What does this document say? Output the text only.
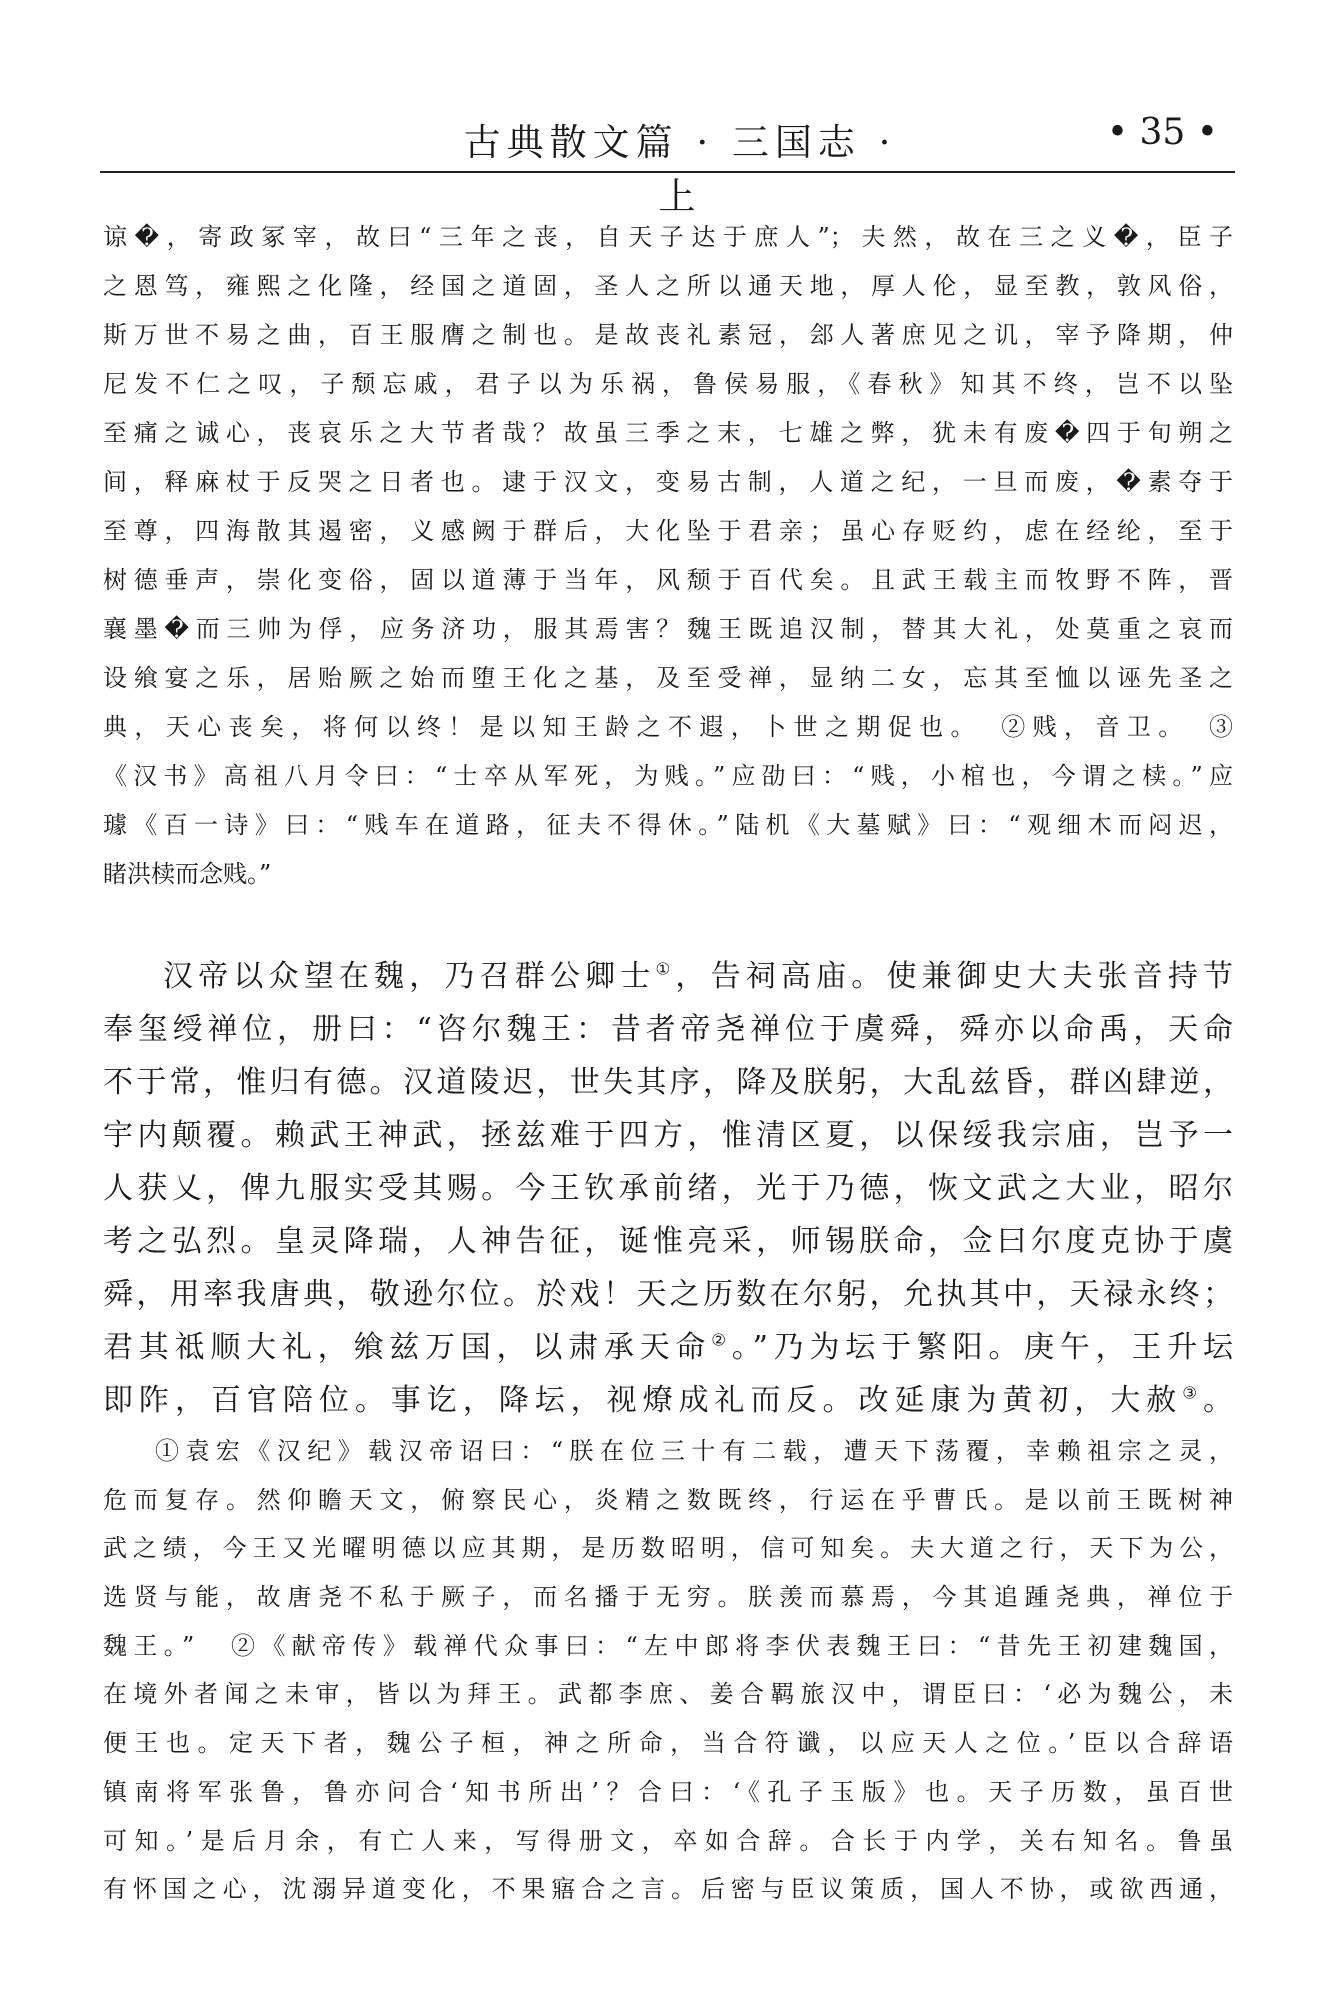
古典散文篇 · 三国志 · 上
• 35 •
谅�，寄政冢宰，故曰“三年之丧，自天子达于庶人”；夫然，故在三之义�，臣子
之恩笃，雍熙之化隆，经国之道固，圣人之所以通天地，厚人伦，显至教，敦风俗，
斯万世不易之曲，百王服膺之制也。是故丧礼素冠，郐人著庶见之讥，宰予降期，仲
尼发不仁之叹，子颓忘戚，君子以为乐祸，鲁侯易服，《春秋》知其不终，岂不以坠
至痛之诚心，丧哀乐之大节者哉？故虽三季之末，七雄之弊，犹未有废�四于旬朔之
间，释麻杖于反哭之日者也。逮于汉文，变易古制，人道之纪，一旦而废，�素夺于
至尊，四海散其遏密，义感阙于群后，大化坠于君亲；虽心存贬约，虑在经纶，至于
树德垂声，崇化变俗，固以道薄于当年，风颓于百代矣。且武王载主而牧野不阵，晋
襄墨�而三帅为俘，应务济功，服其焉害？魏王既追汉制，替其大礼，处莫重之哀而
设飨宴之乐，居贻厥之始而堕王化之基，及至受禅，显纳二女，忘其至恤以诬先圣之
典，天心丧矣，将何以终！是以知王龄之不遐，卜世之期促也。　②贱，音卫。　③
《汉书》高祖八月令曰：“士卒从军死，为贱。”应劭曰：“贱，小棺也，今谓之椟。”应
璩《百一诗》曰：“贱车在道路，征夫不得休。”陆机《大墓赋》曰：“观细木而闷迟，
睹洪椟而念贱。”
汉帝以众望在魏，乃召群公卿士①，告祠高庙。使兼御史大夫张音持节
奉玺绶禅位，册曰：“咨尔魏王：昔者帝尧禅位于虞舜，舜亦以命禹，天命
不于常，惟归有德。汉道陵迟，世失其序，降及朕躬，大乱兹昏，群凶肆逆，
宇内颠覆。赖武王神武，拯兹难于四方，惟清区夏，以保绥我宗庙，岂予一
人获乂，俾九服实受其赐。今王钦承前绪，光于乃德，恢文武之大业，昭尔
考之弘烈。皇灵降瑞，人神告征，诞惟亮采，师锡朕命，佥曰尔度克协于虞
舜，用率我唐典，敬逊尔位。於戏！天之历数在尔躬，允执其中，天禄永终；
君其祗顺大礼，飨兹万国，以肃承天命②。”乃为坛于繁阳。庚午，王升坛
即阼，百官陪位。事讫，降坛，视燎成礼而反。改延康为黄初，大赦③。
①袁宏《汉纪》载汉帝诏曰：“朕在位三十有二载，遭天下荡覆，幸赖祖宗之灵，
危而复存。然仰瞻天文，俯察民心，炎精之数既终，行运在乎曹氏。是以前王既树神
武之绩，今王又光曜明德以应其期，是历数昭明，信可知矣。夫大道之行，天下为公，
选贤与能，故唐尧不私于厥子，而名播于无穷。朕羡而慕焉，今其追踵尧典，禅位于
魏王。”　②《献帝传》载禅代众事曰：“左中郎将李伏表魏王曰：“昔先王初建魏国，
在境外者闻之未审，皆以为拜王。武都李庶、姜合羁旅汉中，谓臣曰：‘必为魏公，未
便王也。定天下者，魏公子桓，神之所命，当合符谶，以应天人之位。’臣以合辞语
镇南将军张鲁，鲁亦问合‘知书所出’？合曰：‘《孔子玉版》也。天子历数，虽百世
可知。’是后月余，有亡人来，写得册文，卒如合辞。合长于内学，关右知名。鲁虽
有怀国之心，沈溺异道变化，不果寤合之言。后密与臣议策质，国人不协，或欲西通，
